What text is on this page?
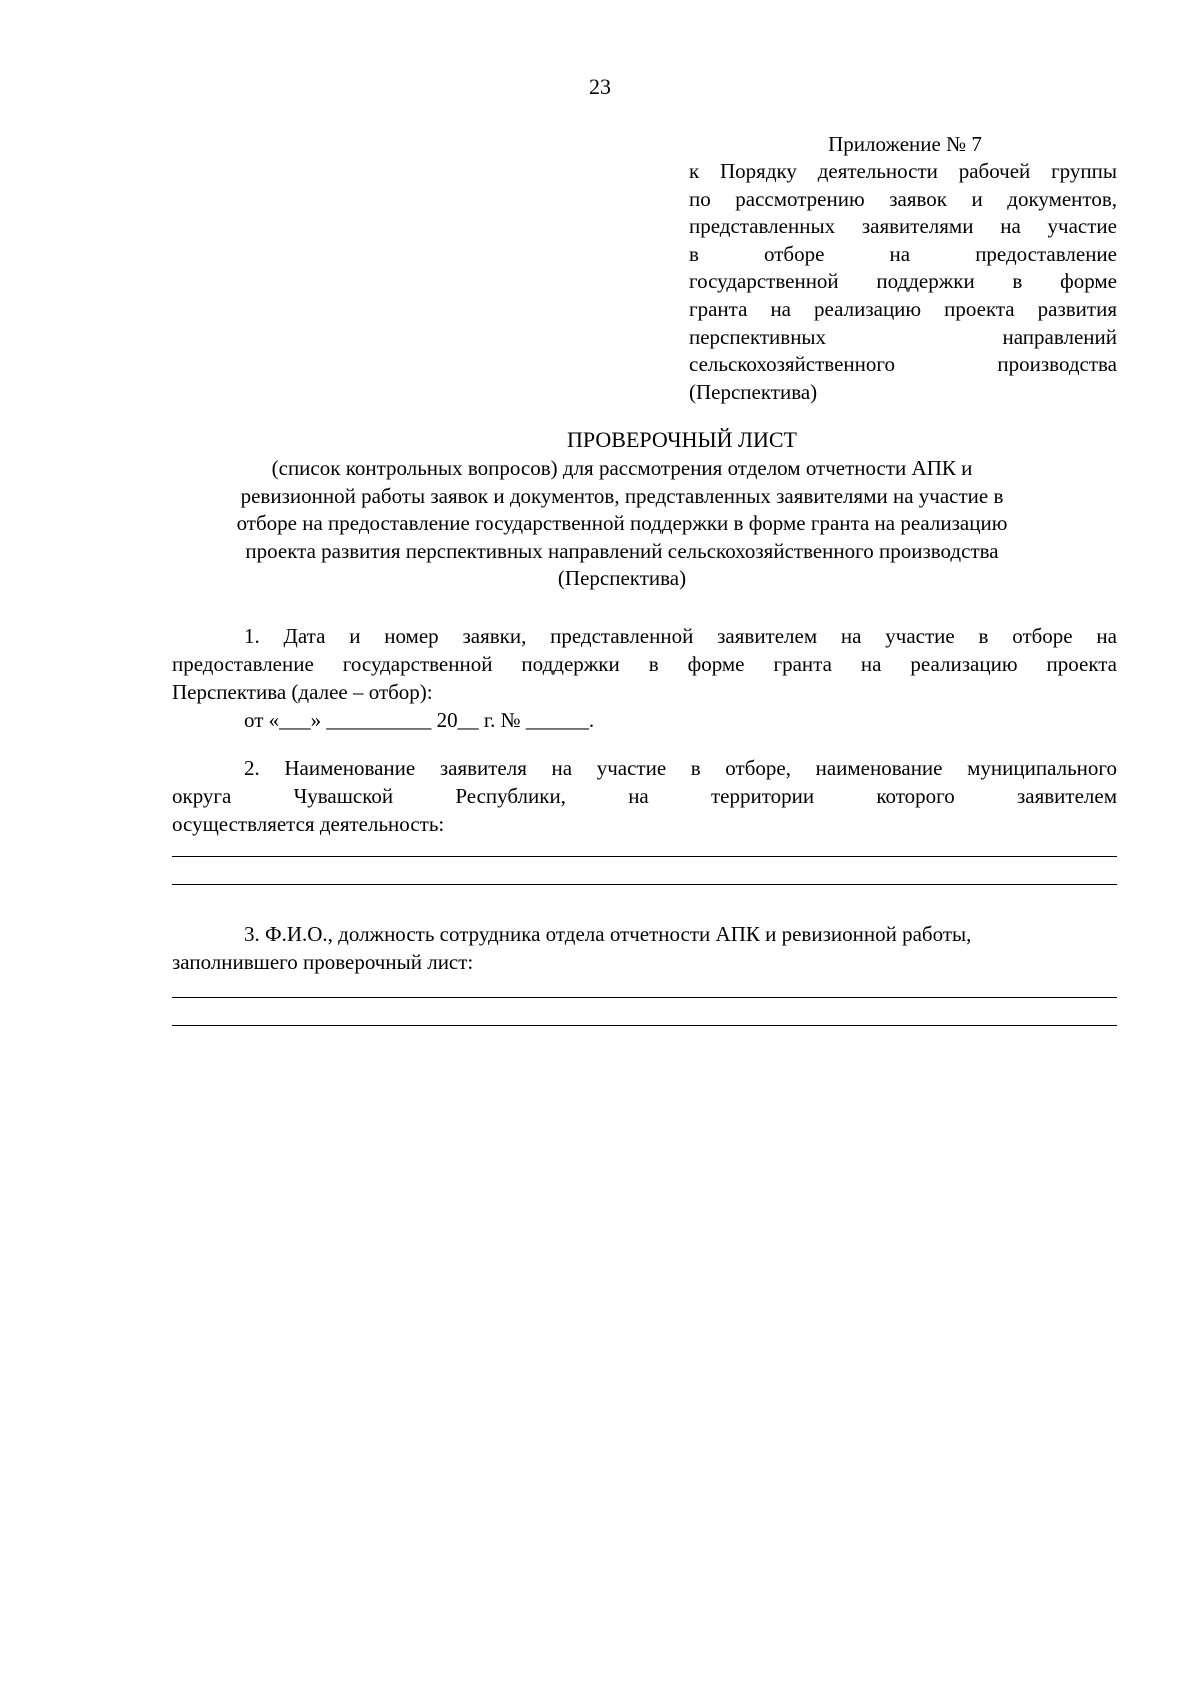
23
Приложение № 7
к Порядку деятельности рабочей группы
по рассмотрению заявок и документов,
представленных заявителями на участие
в отборе на предоставление
государственной поддержки в форме
гранта на реализацию проекта развития
перспективных направлений
сельскохозяйственного производства
(Перспектива)
ПРОВЕРОЧНЫЙ ЛИСТ
(список контрольных вопросов) для рассмотрения отделом отчетности АПК и
ревизионной работы заявок и документов, представленных заявителями на участие в
отборе на предоставление государственной поддержки в форме гранта на реализацию
проекта развития перспективных направлений сельскохозяйственного производства
(Перспектива)
1. Дата и номер заявки, представленной заявителем на участие в отборе на
предоставление государственной поддержки в форме гранта на реализацию проекта
Перспектива (далее – отбор):
от «___» __________ 20__ г. № ______.
2. Наименование заявителя на участие в отборе, наименование муниципального
округа Чувашской Республики, на территории которого заявителем
осуществляется деятельность:
3. Ф.И.О., должность сотрудника отдела отчетности АПК и ревизионной работы,
заполнившего проверочный лист:
